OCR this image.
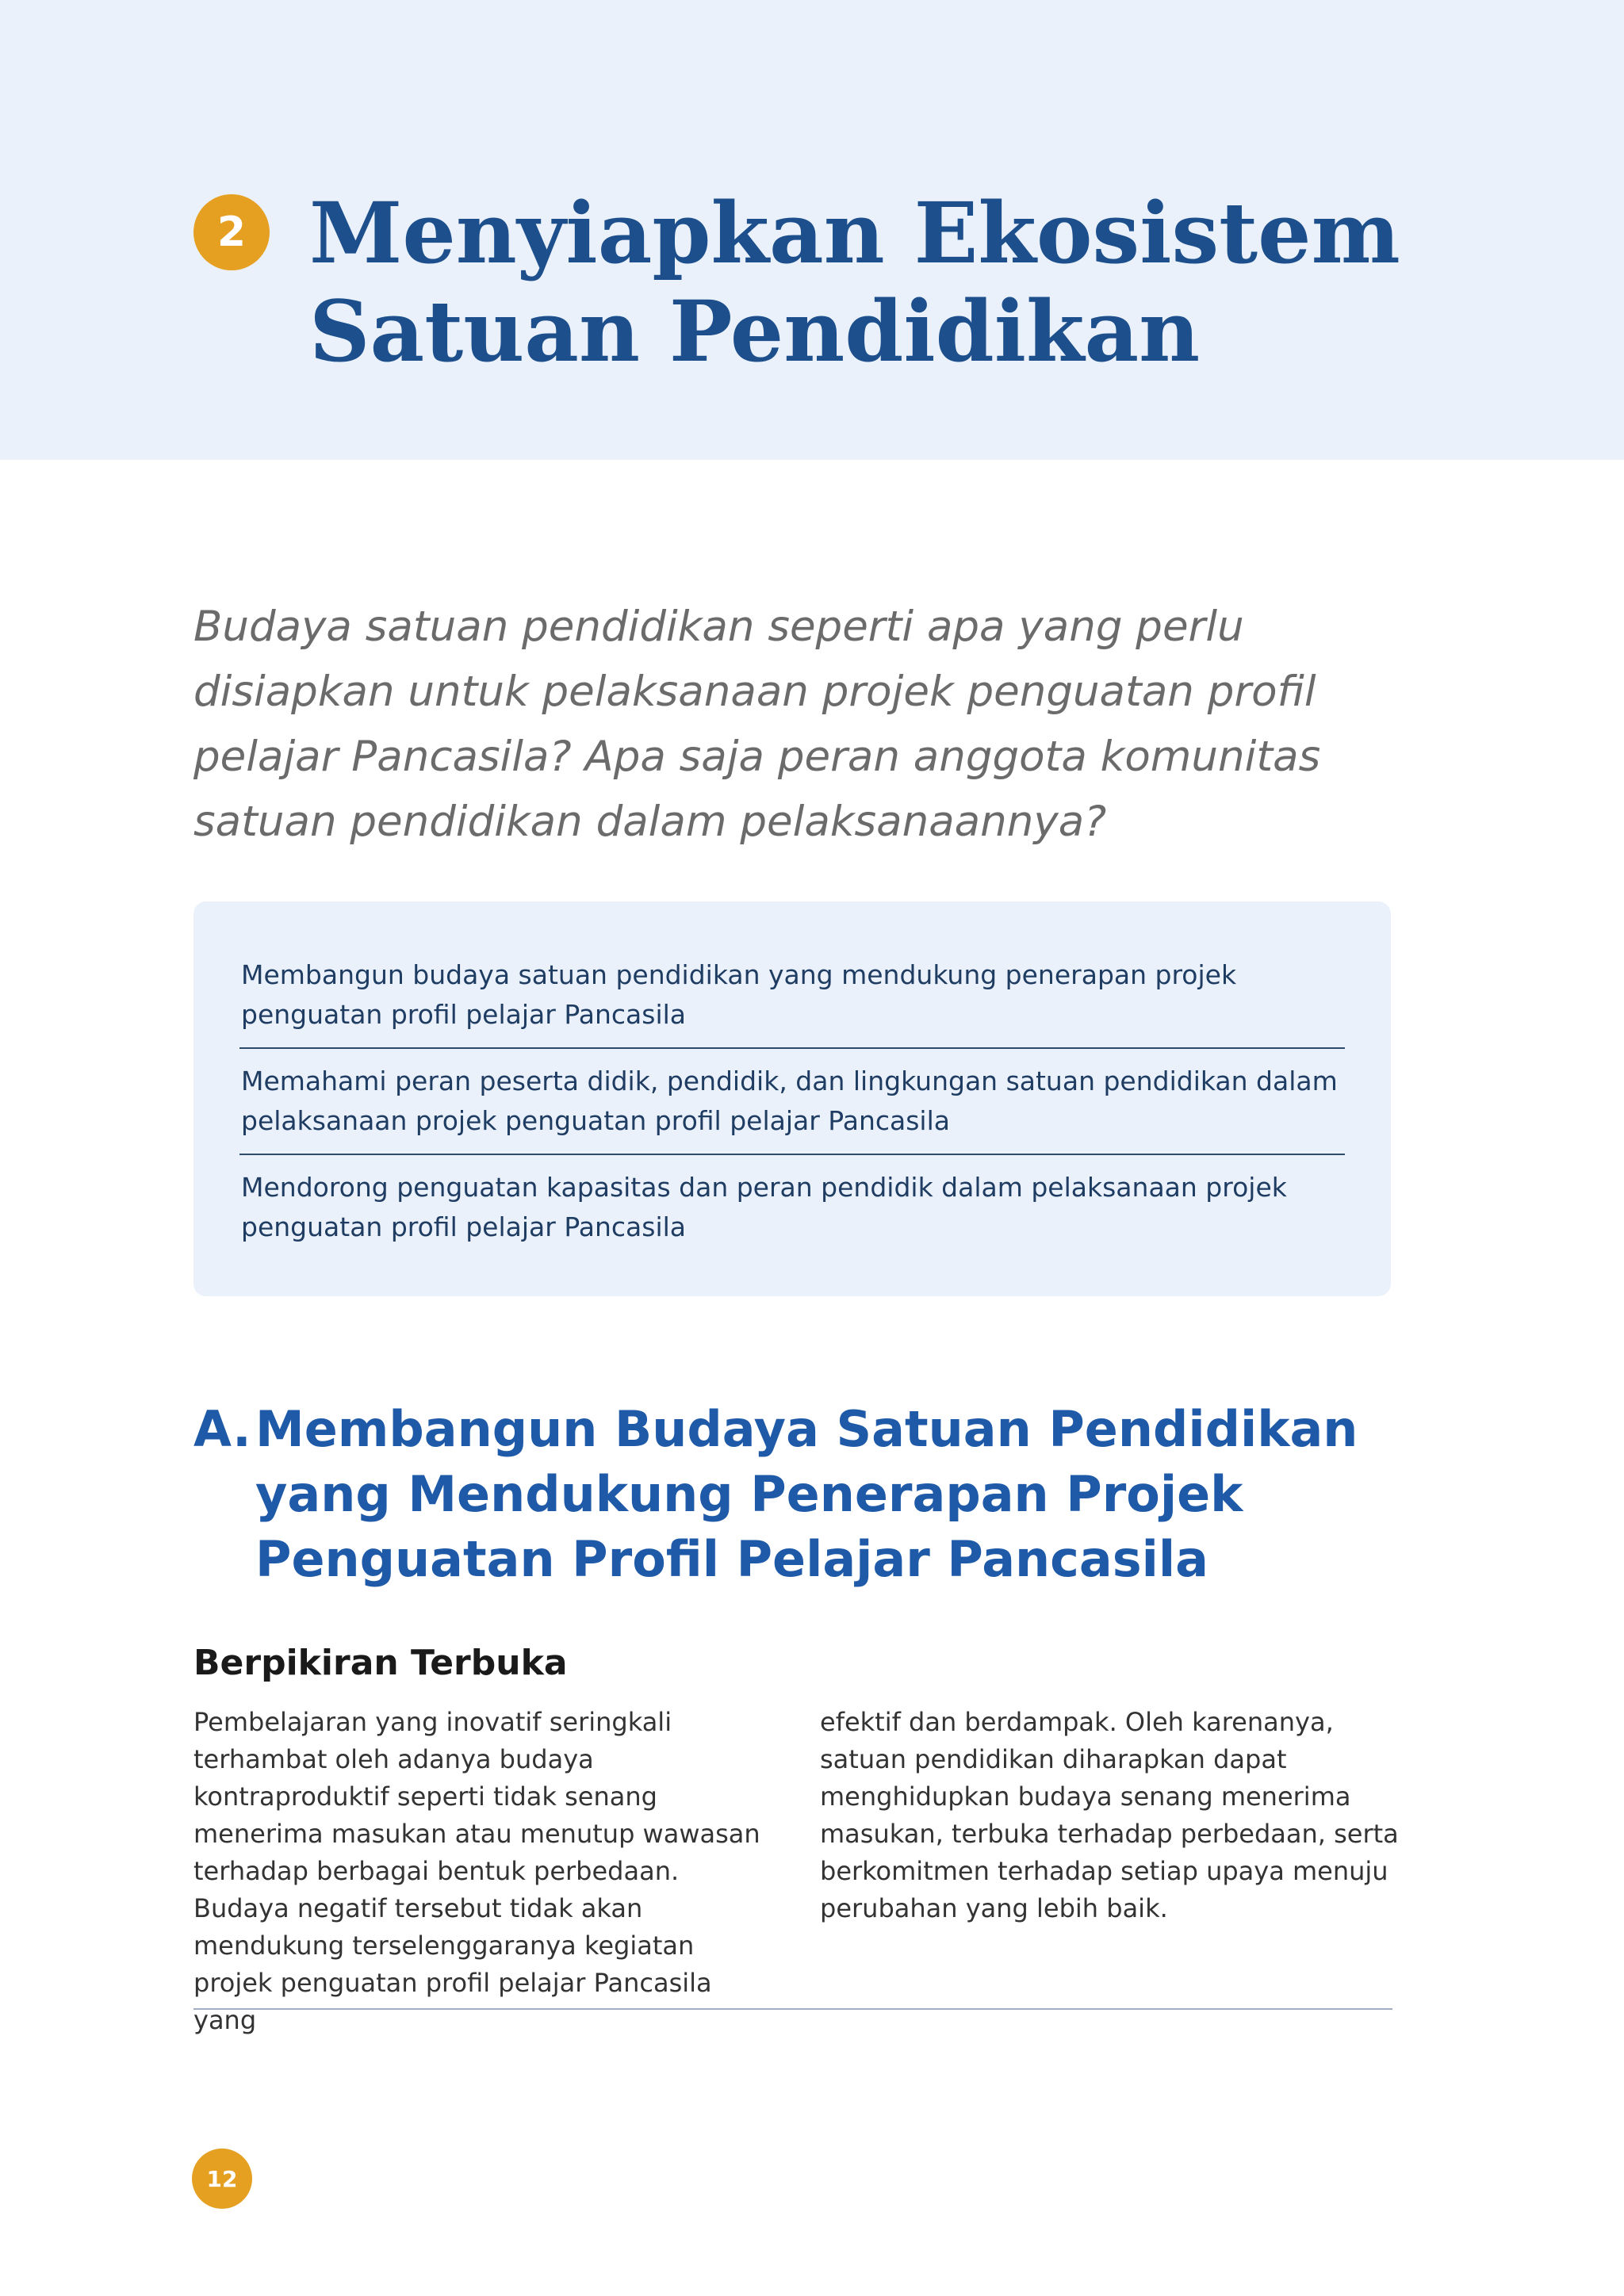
2 Menyiapkan Ekosistem
Satuan Pendidikan

Budaya satuan pendidikan seperti apa yang perlu disiapkan untuk pelaksanaan projek penguatan profil pelajar Pancasila? Apa saja peran anggota komunitas satuan pendidikan dalam pelaksanaannya?

Membangun budaya satuan pendidikan yang mendukung penerapan projek penguatan profil pelajar Pancasila
Memahami peran peserta didik, pendidik, dan lingkungan satuan pendidikan dalam pelaksanaan projek penguatan profil pelajar Pancasila
Mendorong penguatan kapasitas dan peran pendidik dalam pelaksanaan projek penguatan profil pelajar Pancasila
A. Membangun Budaya Satuan Pendidikan yang Mendukung Penerapan Projek Penguatan Profil Pelajar Pancasila
Berpikiran Terbuka

Pembelajaran yang inovatif seringkali terhambat oleh adanya budaya kontraproduktif seperti tidak senang menerima masukan atau menutup wawasan terhadap berbagai bentuk perbedaan. Budaya negatif tersebut tidak akan mendukung terselenggaranya kegiatan projek penguatan profil pelajar Pancasila yang

efektif dan berdampak. Oleh karenanya, satuan pendidikan diharapkan dapat menghidupkan budaya senang menerima masukan, terbuka terhadap perbedaan, serta berkomitmen terhadap setiap upaya menuju perubahan yang lebih baik.

12
